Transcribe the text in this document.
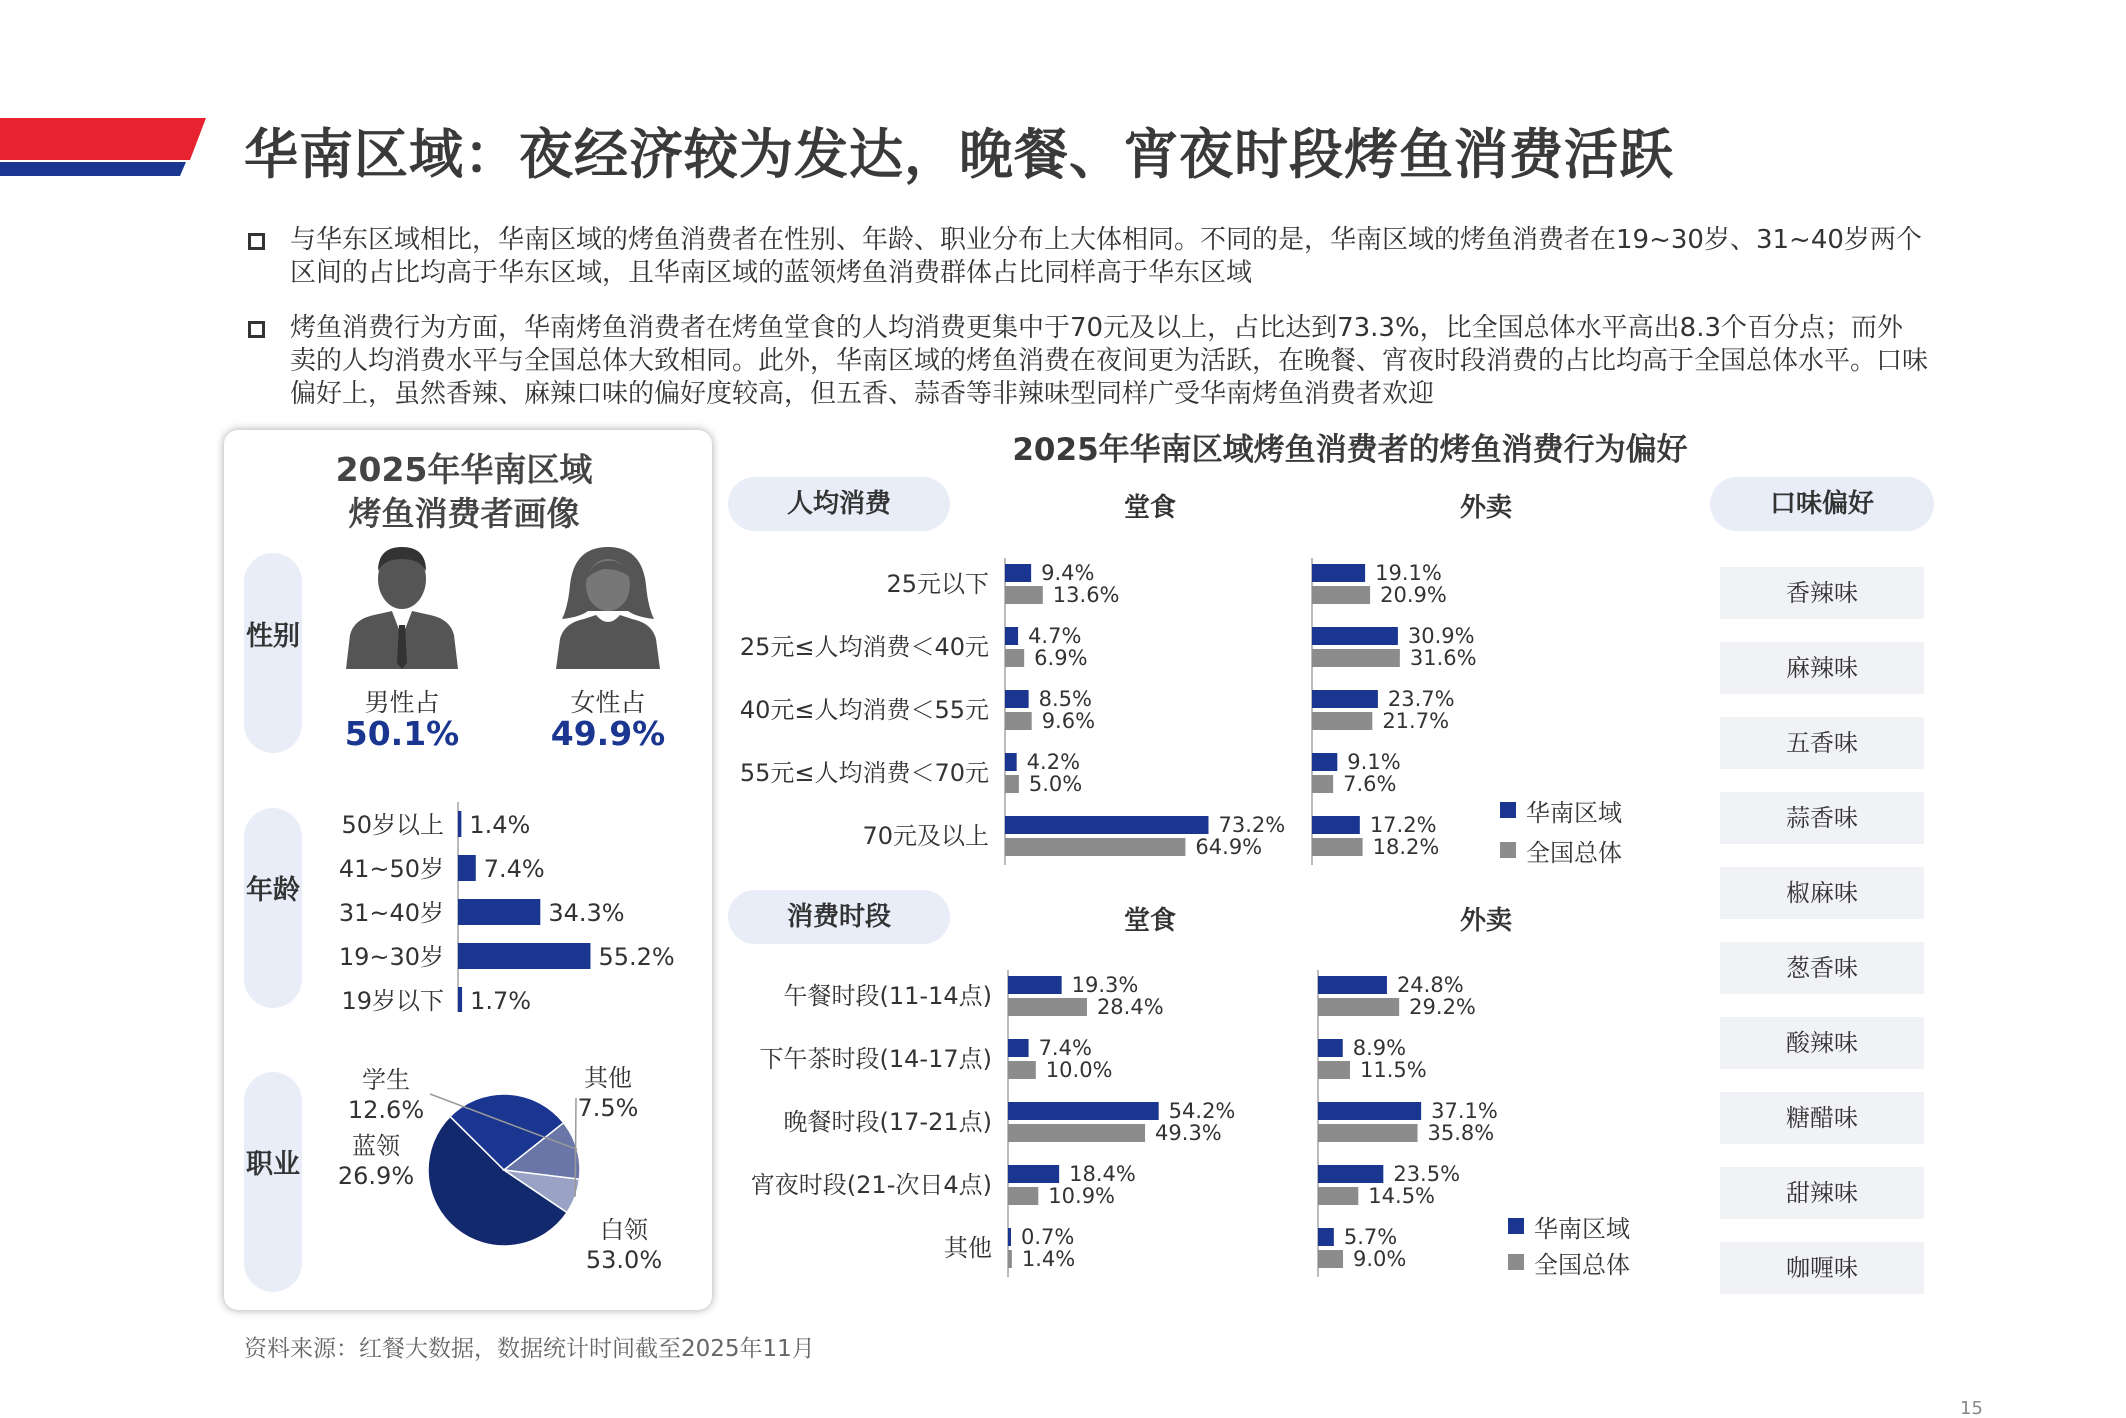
华南区域：夜经济较为发达，晚餐、宵夜时段烤鱼消费活跃
与华东区域相比，华南区域的烤鱼消费者在性别、年龄、职业分布上大体相同。不同的是，华南区域的烤鱼消费者在19~30岁、31~40岁两个区间的占比均高于华东区域，且华南区域的蓝领烤鱼消费群体占比同样高于华东区域
烤鱼消费行为方面，华南烤鱼消费者在烤鱼堂食的人均消费更集中于70元及以上，占比达到73.3%，比全国总体水平高出8.3个百分点；而外卖的人均消费水平与全国总体大致相同。此外，华南区域的烤鱼消费在夜间更为活跃，在晚餐、宵夜时段消费的占比均高于全国总体水平。口味偏好上，虽然香辣、麻辣口味的偏好度较高，但五香、蒜香等非辣味型同样广受华南烤鱼消费者欢迎
2025年华南区域
烤鱼消费者画像
性别
年龄
职业
男性占
50.1%
女性占
49.9%
50岁以上 1.4%
41~50岁 7.4%
31~40岁	34.3%
19~30岁	55.2%
19岁以下 1.7%
白领
53.0%
蓝领
26.9%
学生
12.6%
其他
7.5%
2025年华南区域烤鱼消费者的烤鱼消费行为偏好
人均消费	堂食	外卖
消费时段	堂食	外卖
25元以下 9.4%
13.6%
25元≤人均消费＜40元 4.7%
6.9%
40元≤人均消费＜55元 8.5%
9.6%
55元≤人均消费＜70元 4.2%
5.0%
70元及以上	73.2%
64.9%
19.1%
20.9%
30.9%
31.6%
23.7%
21.7%
9.1%
7.6%
17.2%
18.2%
午餐时段(11-14点)	19.3%
28.4%
下午茶时段(14-17点) 7.4%
10.0%
晚餐时段(17-21点)	54.2%
49.3%
宵夜时段(21-次日4点)	18.4%
10.9%
其他 0.7%
1.4%
24.8%
29.2%
8.9%
11.5%
37.1%
35.8%
23.5%
14.5%
5.7%
9.0%
华南区域
全国总体
华南区域
全国总体
口味偏好
香辣味
麻辣味
五香味
蒜香味
椒麻味
葱香味
酸辣味
糖醋味
甜辣味
咖喱味
资料来源：红餐大数据，数据统计时间截至2025年11月
15
